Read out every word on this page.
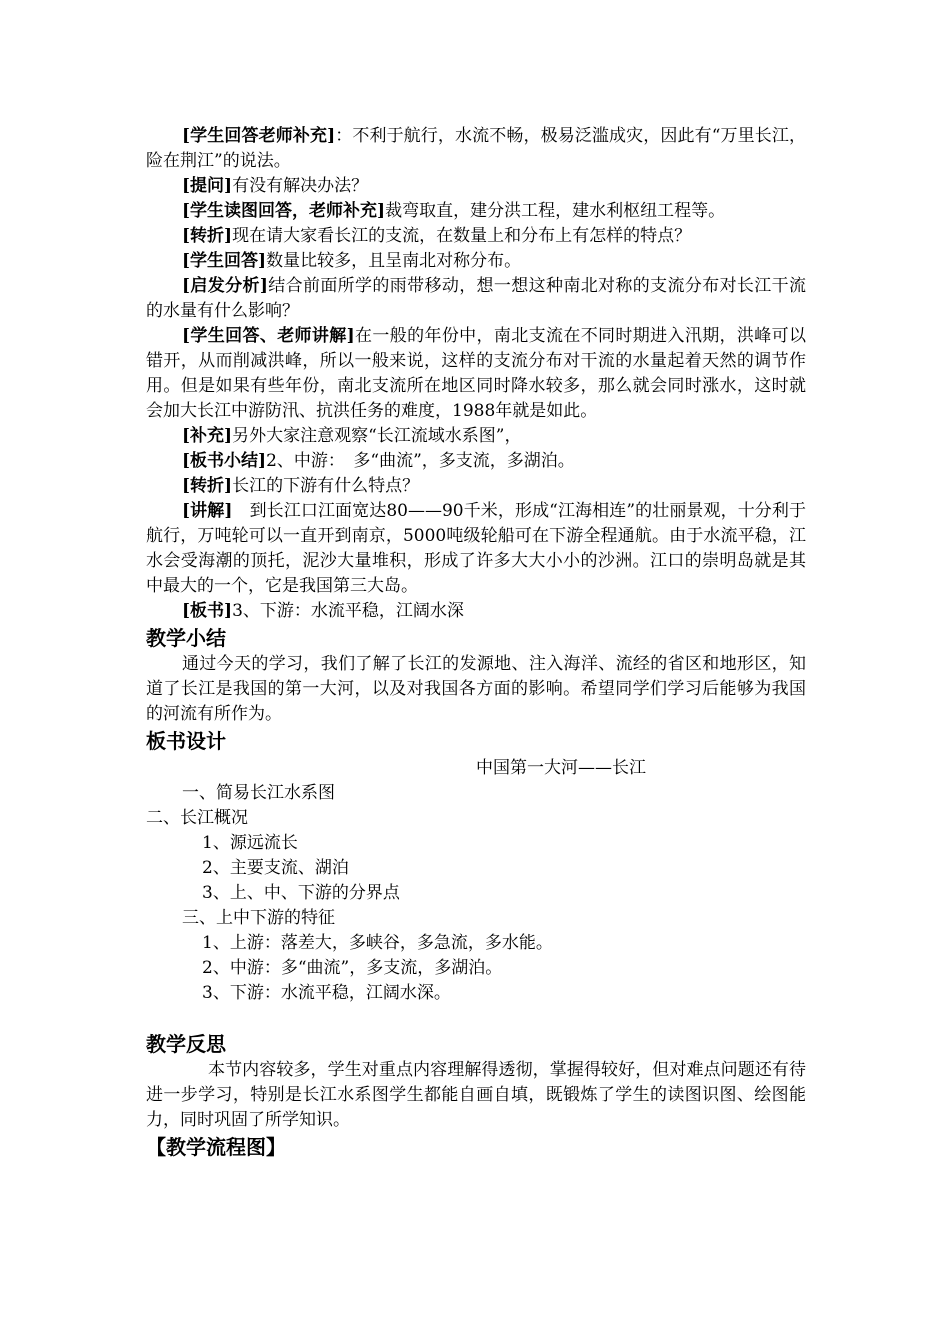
[学生回答老师补充]：不利于航行，水流不畅，极易泛滥成灾，因此有“万里长江，险在荆江”的说法。

[提问]有没有解决办法？

[学生读图回答，老师补充]裁弯取直，建分洪工程，建水利枢纽工程等。

[转折]现在请大家看长江的支流，在数量上和分布上有怎样的特点？

[学生回答]数量比较多，且呈南北对称分布。

[启发分析]结合前面所学的雨带移动，想一想这种南北对称的支流分布对长江干流的水量有什么影响？

[学生回答、老师讲解]在一般的年份中，南北支流在不同时期进入汛期，洪峰可以错开，从而削减洪峰，所以一般来说，这样的支流分布对干流的水量起着天然的调节作用。但是如果有些年份，南北支流所在地区同时降水较多，那么就会同时涨水，这时就会加大长江中游防汛、抗洪任务的难度，1988年就是如此。

[补充]另外大家注意观察“长江流域水系图”，

[板书小结]2、中游：　多“曲流”，多支流，多湖泊。

[转折]长江的下游有什么特点？

[讲解]　到长江口江面宽达80——90千米，形成“江海相连”的壮丽景观，十分利于航行，万吨轮可以一直开到南京，5000吨级轮船可在下游全程通航。由于水流平稳，江水会受海潮的顶托，泥沙大量堆积，形成了许多大大小小的沙洲。江口的崇明岛就是其中最大的一个，它是我国第三大岛。

[板书]3、下游：水流平稳，江阔水深

教学小结

通过今天的学习，我们了解了长江的发源地、注入海洋、流经的省区和地形区，知道了长江是我国的第一大河，以及对我国各方面的影响。希望同学们学习后能够为我国的河流有所作为。

板书设计

中国第一大河——长江

一、简易长江水系图

二、长江概况

1、源远流长

2、主要支流、湖泊

3、上、中、下游的分界点

三、上中下游的特征

1、上游：落差大，多峡谷，多急流，多水能。

2、中游：多“曲流”，多支流，多湖泊。

3、下游：水流平稳，江阔水深。

教学反思

本节内容较多，学生对重点内容理解得透彻，掌握得较好，但对难点问题还有待进一步学习，特别是长江水系图学生都能自画自填，既锻炼了学生的读图识图、绘图能力，同时巩固了所学知识。

【教学流程图】
